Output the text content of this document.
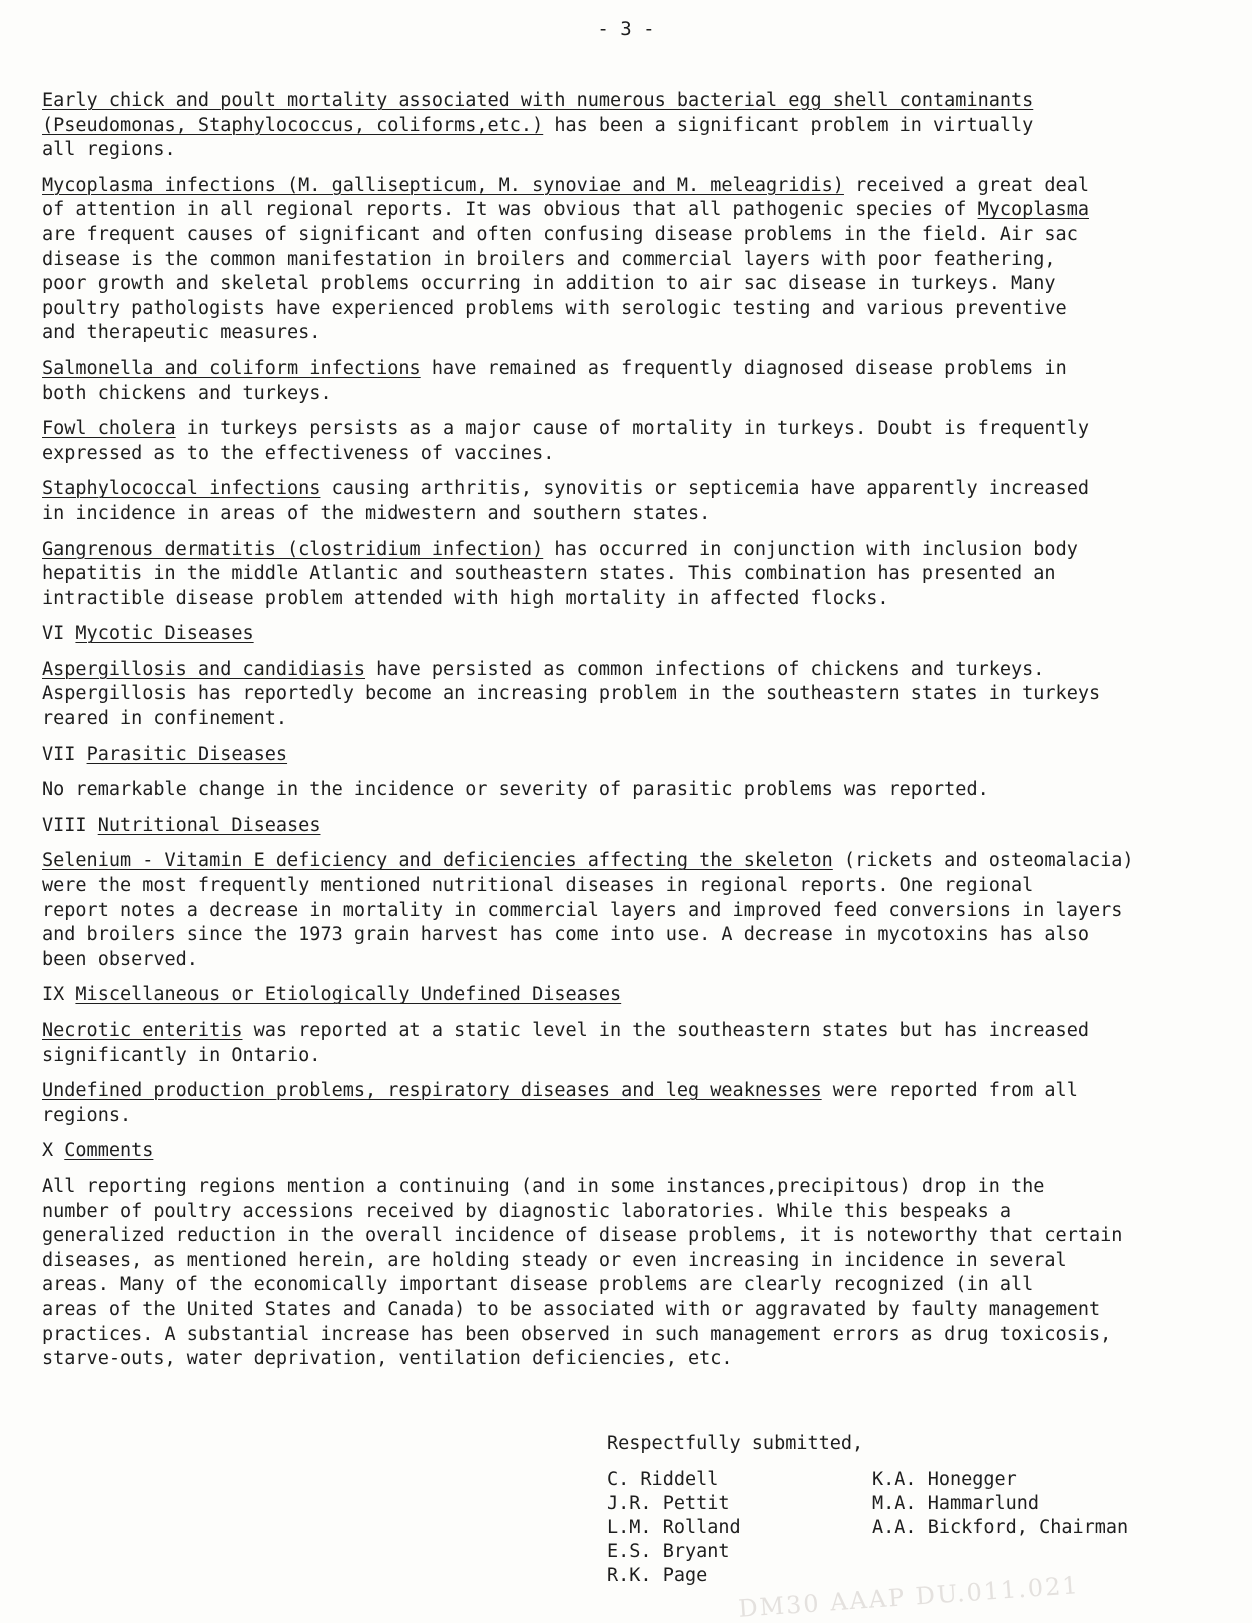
- 3 -
Early chick and poult mortality associated with numerous bacterial egg shell contaminants
(Pseudomonas, Staphylococcus, coliforms,etc.) has been a significant problem in virtually
all regions.
Mycoplasma infections (M. gallisepticum, M. synoviae and M. meleagridis) received a great deal
of attention in all regional reports. It was obvious that all pathogenic species of Mycoplasma
are frequent causes of significant and often confusing disease problems in the field. Air sac
disease is the common manifestation in broilers and commercial layers with poor feathering,
poor growth and skeletal problems occurring in addition to air sac disease in turkeys. Many
poultry pathologists have experienced problems with serologic testing and various preventive
and therapeutic measures.
Salmonella and coliform infections have remained as frequently diagnosed disease problems in
both chickens and turkeys.
Fowl cholera in turkeys persists as a major cause of mortality in turkeys. Doubt is frequently
expressed as to the effectiveness of vaccines.
Staphylococcal infections causing arthritis, synovitis or septicemia have apparently increased
in incidence in areas of the midwestern and southern states.
Gangrenous dermatitis (clostridium infection) has occurred in conjunction with inclusion body
hepatitis in the middle Atlantic and southeastern states. This combination has presented an
intractible disease problem attended with high mortality in affected flocks.
VI Mycotic Diseases
Aspergillosis and candidiasis have persisted as common infections of chickens and turkeys.
Aspergillosis has reportedly become an increasing problem in the southeastern states in turkeys
reared in confinement.
VII Parasitic Diseases
No remarkable change in the incidence or severity of parasitic problems was reported.
VIII Nutritional Diseases
Selenium - Vitamin E deficiency and deficiencies affecting the skeleton (rickets and osteomalacia)
were the most frequently mentioned nutritional diseases in regional reports. One regional
report notes a decrease in mortality in commercial layers and improved feed conversions in layers
and broilers since the 1973 grain harvest has come into use. A decrease in mycotoxins has also
been observed.
IX Miscellaneous or Etiologically Undefined Diseases
Necrotic enteritis was reported at a static level in the southeastern states but has increased
significantly in Ontario.
Undefined production problems, respiratory diseases and leg weaknesses were reported from all
regions.
X Comments
All reporting regions mention a continuing (and in some instances,precipitous) drop in the
number of poultry accessions received by diagnostic laboratories. While this bespeaks a
generalized reduction in the overall incidence of disease problems, it is noteworthy that certain
diseases, as mentioned herein, are holding steady or even increasing in incidence in several
areas. Many of the economically important disease problems are clearly recognized (in all
areas of the United States and Canada) to be associated with or aggravated by faulty management
practices. A substantial increase has been observed in such management errors as drug toxicosis,
starve-outs, water deprivation, ventilation deficiencies, etc.
Respectfully submitted,
C. Riddell
J.R. Pettit
L.M. Rolland
E.S. Bryant
R.K. Page
K.A. Honegger
M.A. Hammarlund
A.A. Bickford, Chairman
DM30 AAAP DU.011.021
